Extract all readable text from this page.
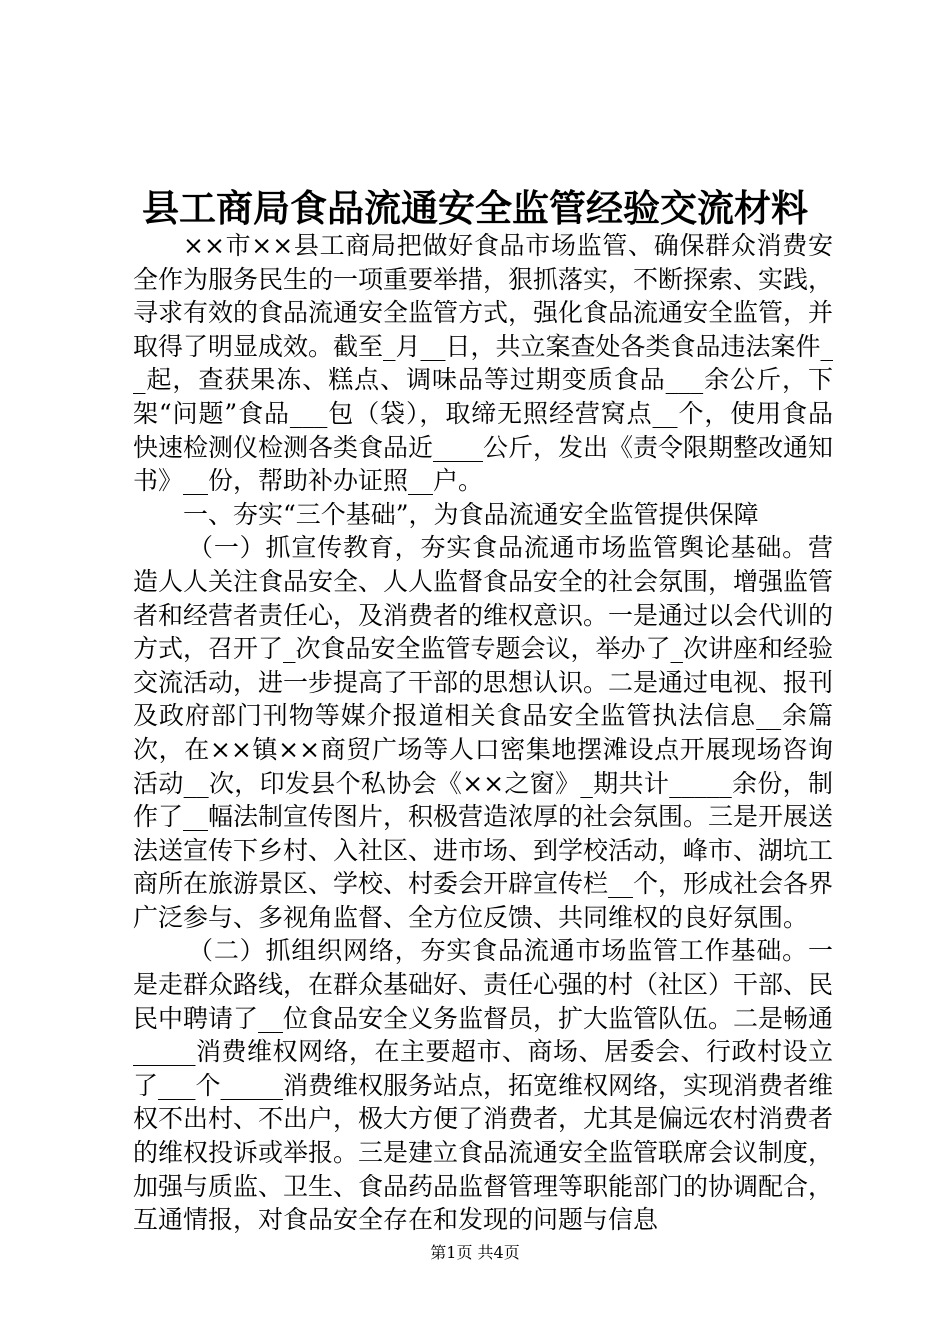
县工商局食品流通安全监管经验交流材料

××市××县工商局把做好食品市场监管、确保群众消费安全作为服务民生的一项重要举措，狠抓落实，不断探索、实践，寻求有效的食品流通安全监管方式，强化食品流通安全监管，并取得了明显成效。截至_月__日，共立案查处各类食品违法案件__起，查获果冻、糕点、调味品等过期变质食品___余公斤，下架“问题”食品___包（袋），取缔无照经营窝点__个，使用食品快速检测仪检测各类食品近____公斤，发出《责令限期整改通知书》__份，帮助补办证照__户。

一、夯实“三个基础”，为食品流通安全监管提供保障

（一）抓宣传教育，夯实食品流通市场监管舆论基础。营造人人关注食品安全、人人监督食品安全的社会氛围，增强监管者和经营者责任心，及消费者的维权意识。一是通过以会代训的方式，召开了_次食品安全监管专题会议，举办了_次讲座和经验交流活动，进一步提高了干部的思想认识。二是通过电视、报刊及政府部门刊物等媒介报道相关食品安全监管执法信息__余篇次，在××镇××商贸广场等人口密集地摆滩设点开展现场咨询活动__次，印发县个私协会《××之窗》_期共计_____余份，制作了__幅法制宣传图片，积极营造浓厚的社会氛围。三是开展送法送宣传下乡村、入社区、进市场、到学校活动，峰市、湖坑工商所在旅游景区、学校、村委会开辟宣传栏__个，形成社会各界广泛参与、多视角监督、全方位反馈、共同维权的良好氛围。

（二）抓组织网络，夯实食品流通市场监管工作基础。一是走群众路线，在群众基础好、责任心强的村（社区）干部、民民中聘请了__位食品安全义务监督员，扩大监管队伍。二是畅通_____消费维权网络，在主要超市、商场、居委会、行政村设立了___个_____消费维权服务站点，拓宽维权网络，实现消费者维权不出村、不出户，极大方便了消费者，尤其是偏远农村消费者的维权投诉或举报。三是建立食品流通安全监管联席会议制度，加强与质监、卫生、食品药品监督管理等职能部门的协调配合，互通情报，对食品安全存在和发现的问题与信息

第1页 共4页
